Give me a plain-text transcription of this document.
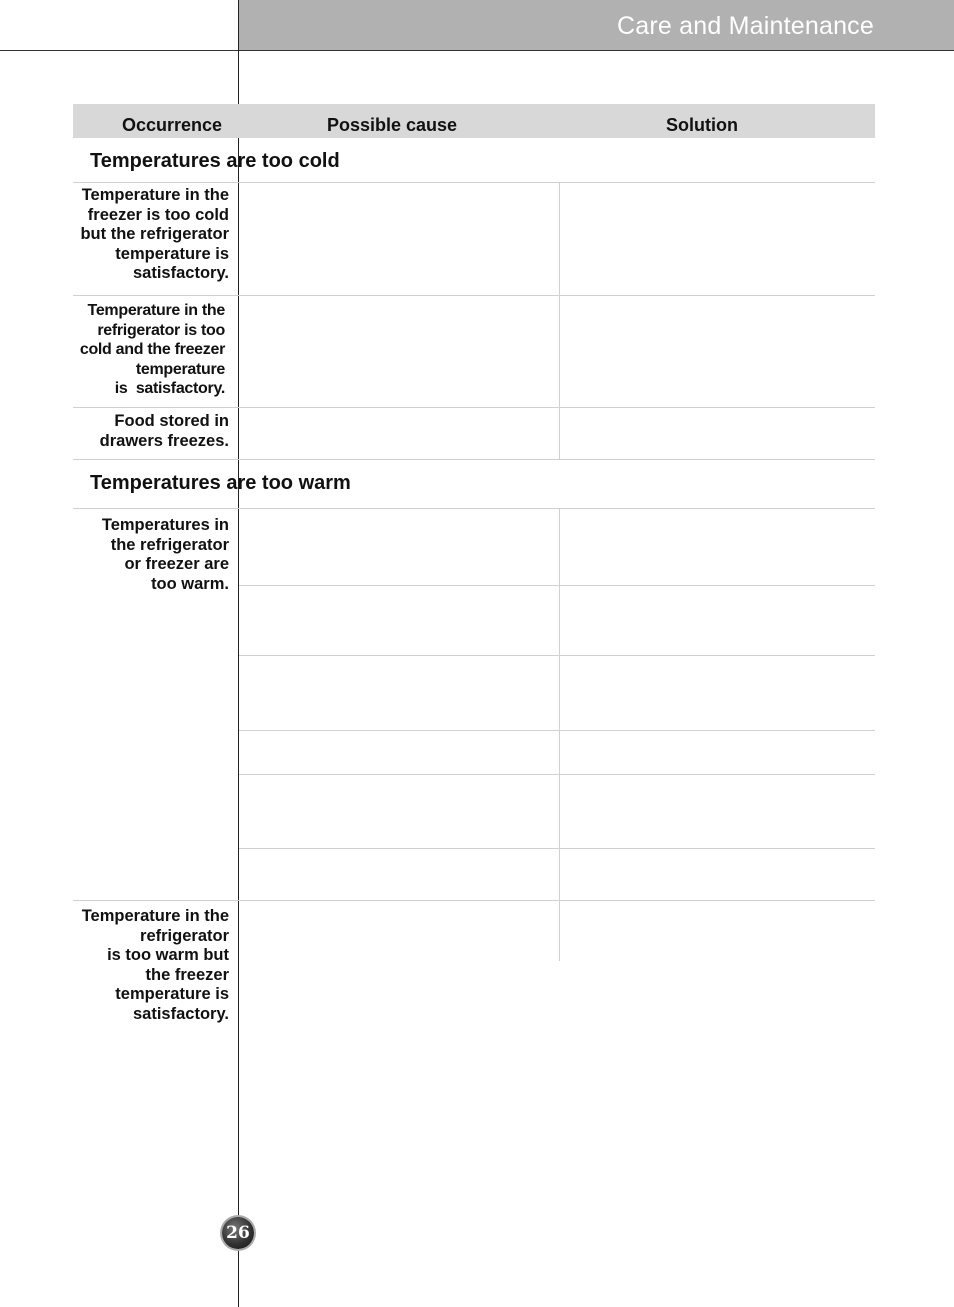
Care and Maintenance
Occurrence	Possible cause	Solution
Temperatures are too cold
Temperature in the
freezer is too cold
but the refrigerator
temperature is
satisfactory.
Temperature in the
refrigerator is too
cold and the freezer
temperature
is  satisfactory.
Food stored in
drawers freezes.
Temperatures are too warm
Temperatures in
the refrigerator
or freezer are
too warm.
Temperature in the
refrigerator
is too warm but
the freezer
temperature is
satisfactory.
26
